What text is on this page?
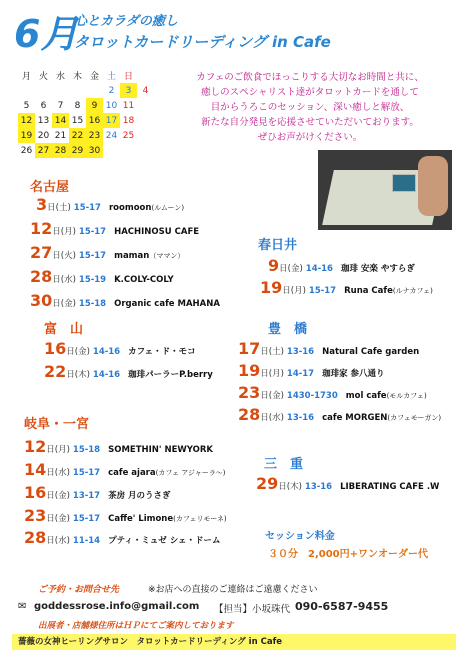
6月
心とカラダの癒し
タロットカードリーディング in Cafe
月	火	水	木	金	土	日	
					2	3	4
5	6	7	8	9	10	11	
12	13	14	15	16	17	18	
19	20	21	22	23	24	25	
26	27	28	29	30			
カフェのご飲食でほっこりする大切なお時間と共に、
癒しのスペシャリスト達がタロットカードを通して
目からうろこのセッション、深い癒しと解放、
新たな自分発見を応援させていただいております。
ぜひお声がけください。
名古屋
3日(土) 15-17 roomoon(ルムーン)
12日(月) 15-17 HACHINOSU CAFE
27日(火) 15-17 maman（ママン）
28日(水) 15-19 K.COLY-COLY
30日(金) 15-18 Organic cafe MAHANA
春日井
9日(金) 14-16 珈琲 安楽 やすらぎ
19日(月) 15-17 Runa Cafe(ルナカフェ)
富　山
16日(金) 14-16 カフェ・ド・モコ
22日(木) 14-16 珈琲パーラーP.berry
豊　橋
17日(土) 13-16 Natural Cafe garden
19日(月) 14-17 珈琲家 参八通り
23日(金) 1430-1730 mol cafe(モルカフェ)
28日(水) 13-16 cafe MORGEN(カフェモーガン)
岐阜・一宮
12日(月) 15-18 SOMETHIN' NEWYORK
14日(水) 15-17 cafe ajara(カフェ アジャーラ～)
16日(金) 13-17 茶房 月のうさぎ
23日(金) 15-17 Caffe' Limone(カフェリモーネ)
28日(水) 11-14 プティ・ミュゼ シェ・ドーム
三　重
29日(木) 13-16 LIBERATING CAFE .W
セッション料金
３０分　2,000円+ワンオーダー代
ご予約・お問合せ先	※お店への直接のご連絡はご遠慮ください
✉ goddessrose.info@gmail.com 【担当】小坂珠代 090-6587-9455
出展者・店舗様住所はＨＰにてご案内しております
薔薇の女神ヒーリングサロン　タロットカードリーディング in Cafe
